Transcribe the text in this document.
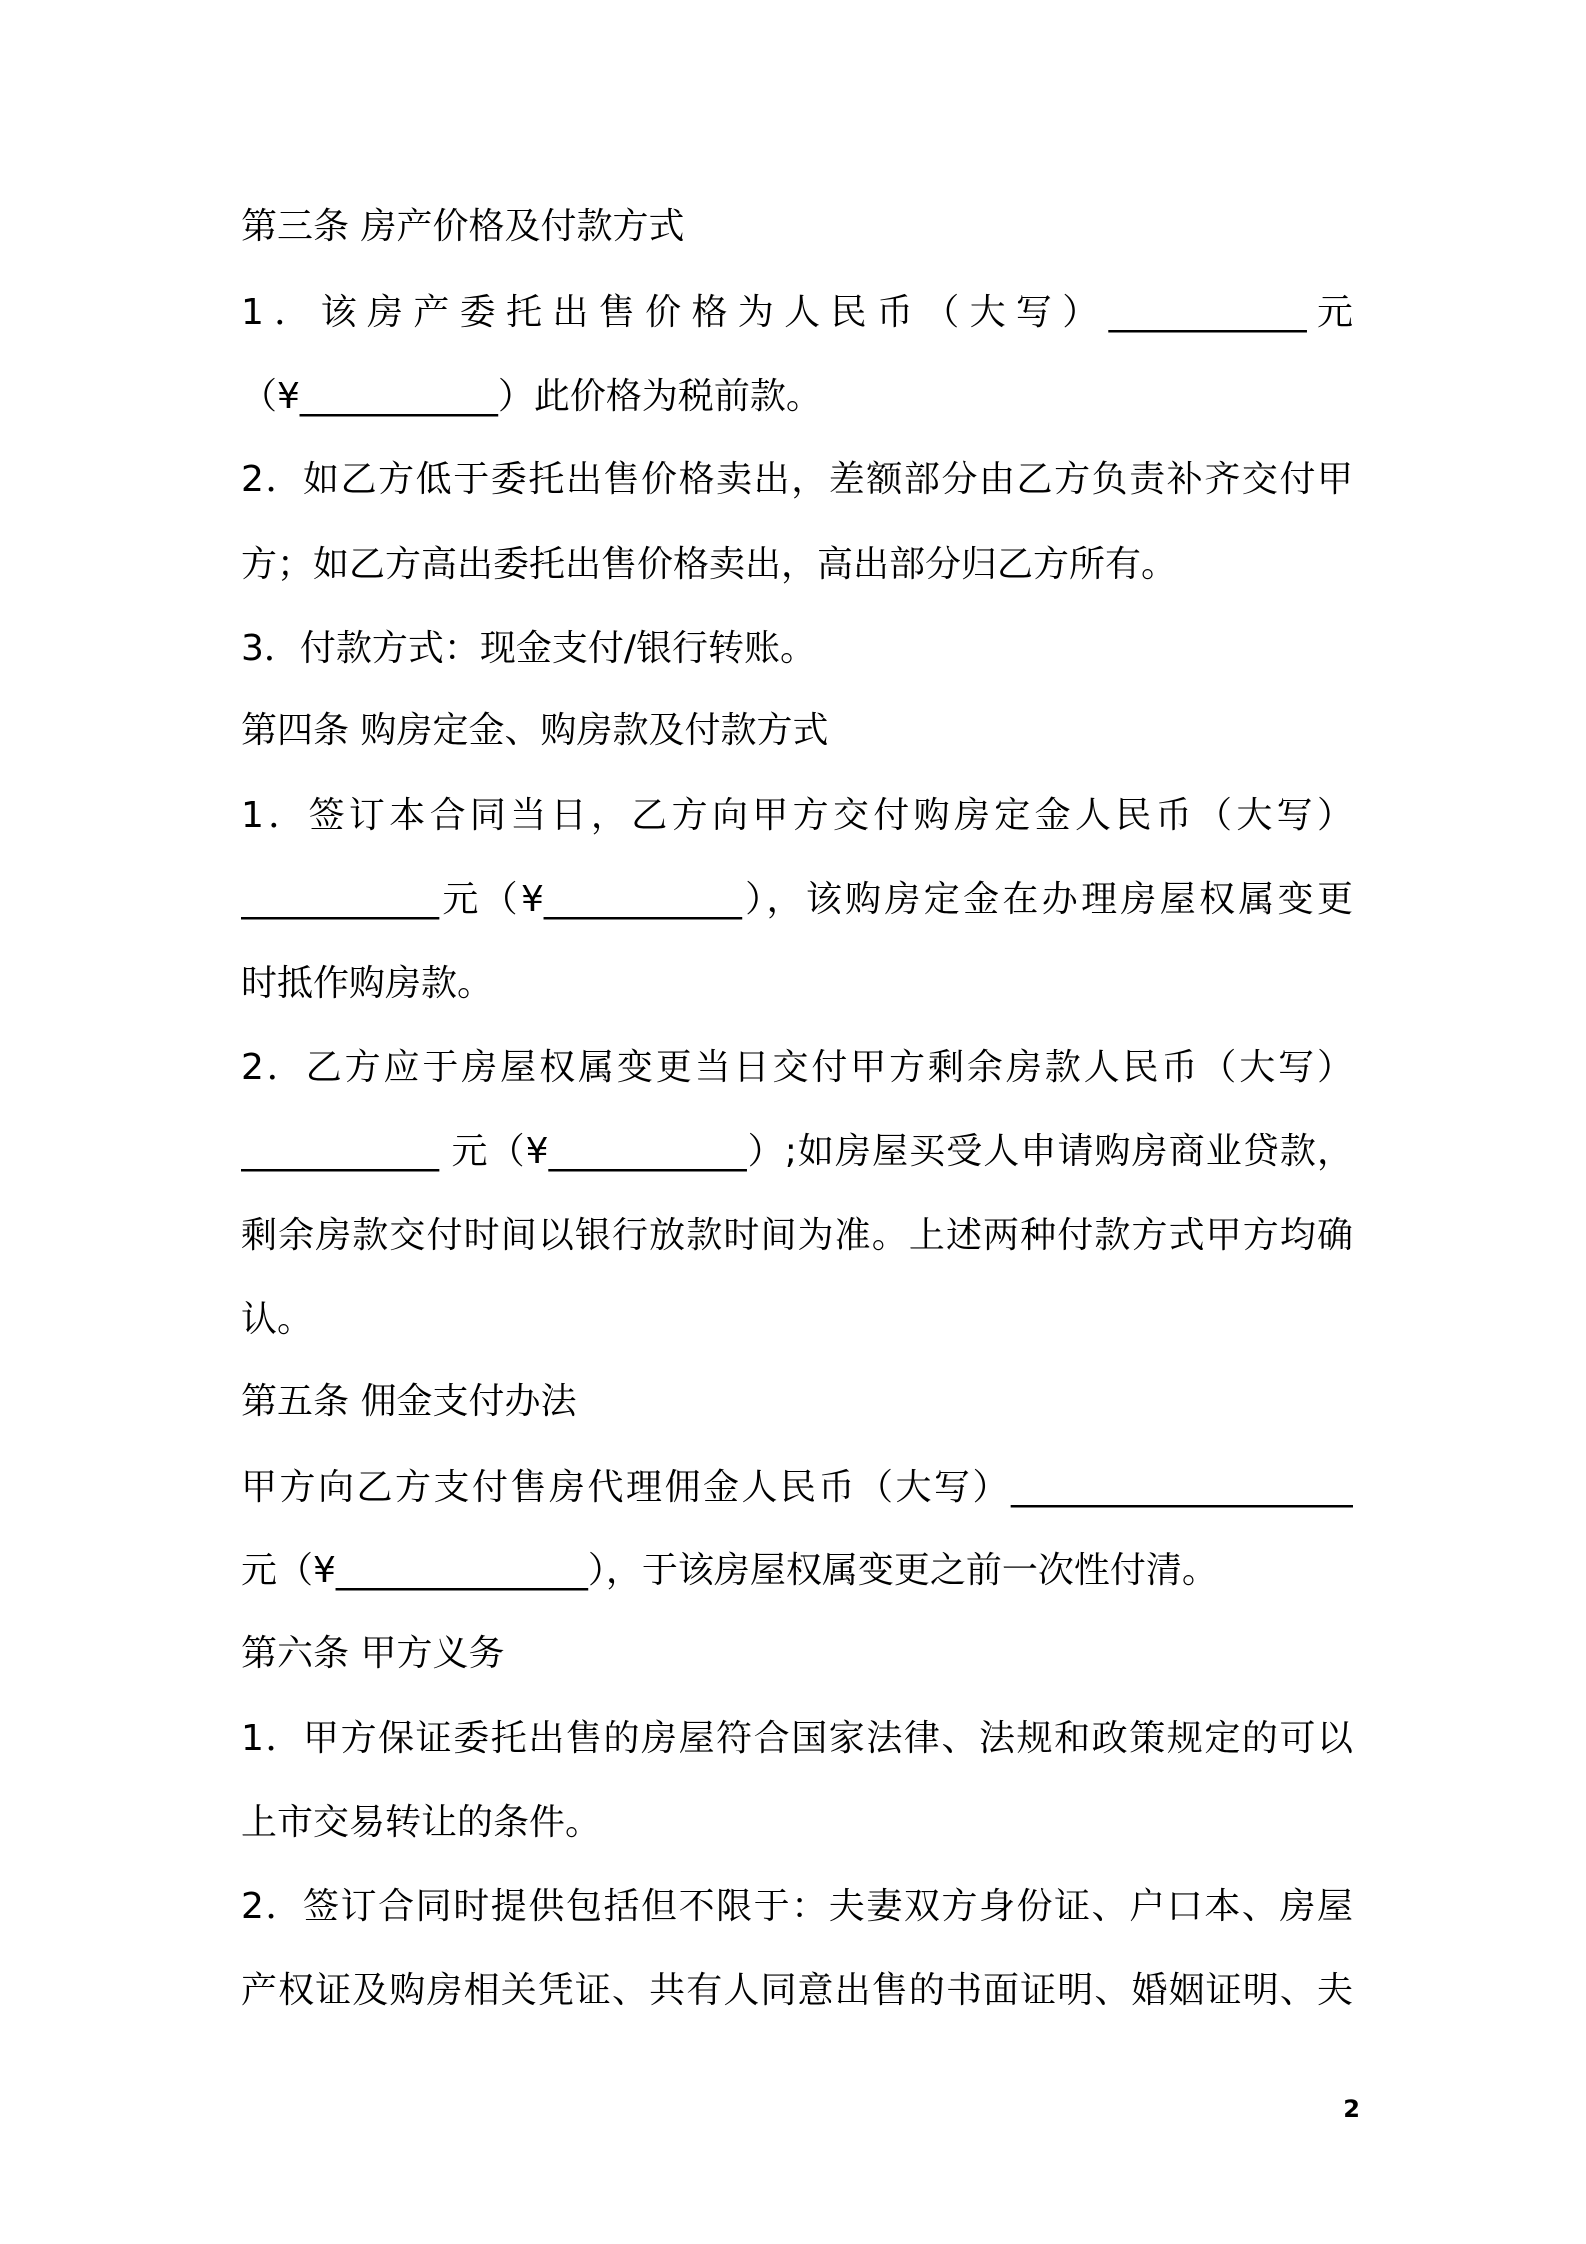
第三条 房产价格及付款方式
1．该房产委托出售价格为人民币（大写）___________元
（¥___________）此价格为税前款。
2．如乙方低于委托出售价格卖出，差额部分由乙方负责补齐交付甲
方；如乙方高出委托出售价格卖出，高出部分归乙方所有。
3．付款方式：现金支付/银行转账。
第四条 购房定金、购房款及付款方式
1．签订本合同当日，乙方向甲方交付购房定金人民币（大写）
___________元（¥___________），该购房定金在办理房屋权属变更
时抵作购房款。
2．乙方应于房屋权属变更当日交付甲方剩余房款人民币（大写）
___________ 元（¥___________）;如房屋买受人申请购房商业贷款，
剩余房款交付时间以银行放款时间为准。上述两种付款方式甲方均确
认。
第五条 佣金支付办法
甲方向乙方支付售房代理佣金人民币（大写）___________________
元（¥______________），于该房屋权属变更之前一次性付清。
第六条 甲方义务
1．甲方保证委托出售的房屋符合国家法律、法规和政策规定的可以
上市交易转让的条件。
2．签订合同时提供包括但不限于：夫妻双方身份证、户口本、房屋
产权证及购房相关凭证、共有人同意出售的书面证明、婚姻证明、夫
2
